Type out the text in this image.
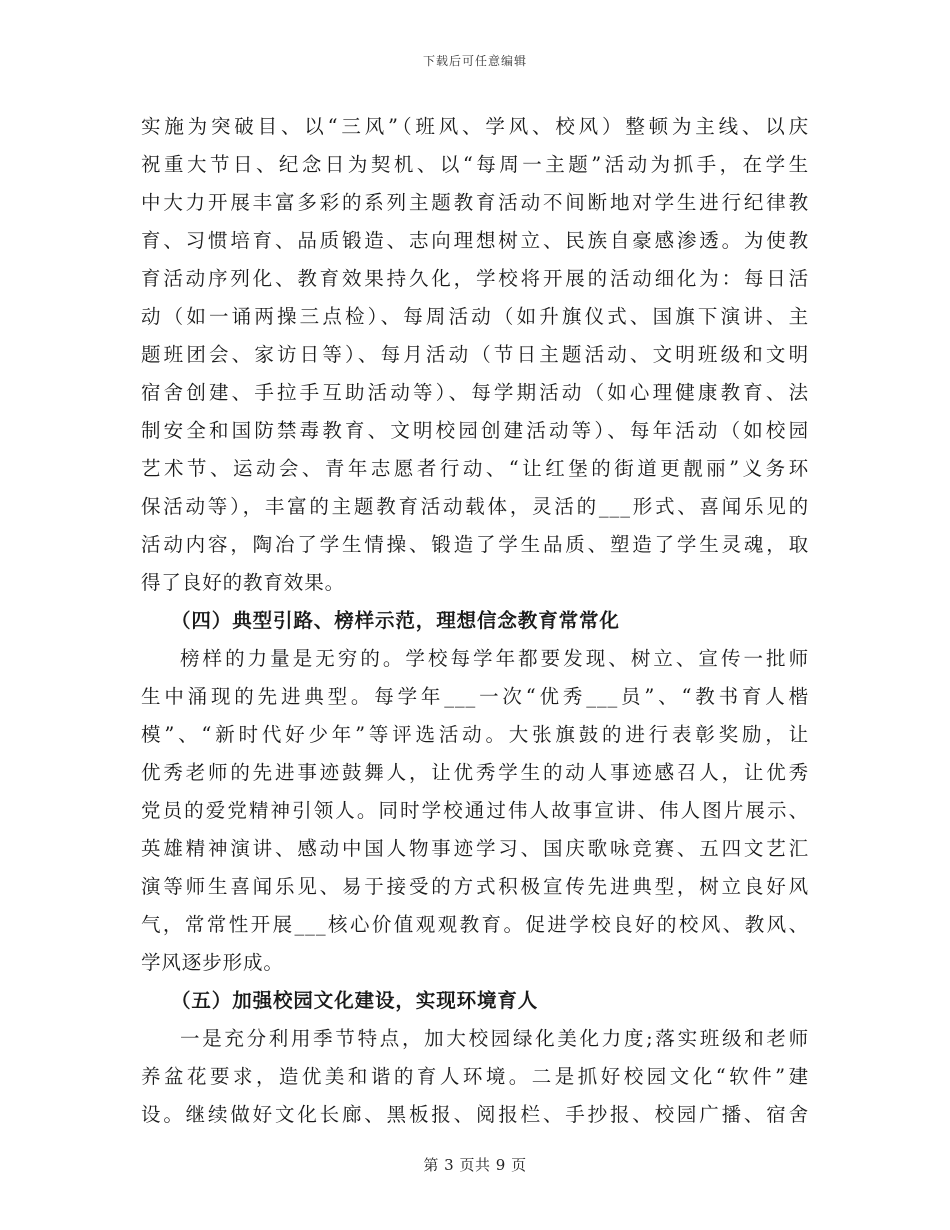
下载后可任意编辑
实施为突破目、以“三风”（班风、学风、校风）整顿为主线、以庆
祝重大节日、纪念日为契机、以“每周一主题”活动为抓手，在学生
中大力开展丰富多彩的系列主题教育活动不间断地对学生进行纪律教
育、习惯培育、品质锻造、志向理想树立、民族自豪感渗透。为使教
育活动序列化、教育效果持久化，学校将开展的活动细化为：每日活
动（如一诵两操三点检）、每周活动（如升旗仪式、国旗下演讲、主
题班团会、家访日等）、每月活动（节日主题活动、文明班级和文明
宿舍创建、手拉手互助活动等）、每学期活动（如心理健康教育、法
制安全和国防禁毒教育、文明校园创建活动等）、每年活动（如校园
艺术节、运动会、青年志愿者行动、“让红堡的街道更靓丽”义务环
保活动等），丰富的主题教育活动载体，灵活的___形式、喜闻乐见的
活动内容，陶冶了学生情操、锻造了学生品质、塑造了学生灵魂，取
得了良好的教育效果。
（四）典型引路、榜样示范，理想信念教育常常化
榜样的力量是无穷的。学校每学年都要发现、树立、宣传一批师
生中涌现的先进典型。每学年___一次“优秀___员”、“教书育人楷
模”、“新时代好少年”等评选活动。大张旗鼓的进行表彰奖励，让
优秀老师的先进事迹鼓舞人，让优秀学生的动人事迹感召人，让优秀
党员的爱党精神引领人。同时学校通过伟人故事宣讲、伟人图片展示、
英雄精神演讲、感动中国人物事迹学习、国庆歌咏竞赛、五四文艺汇
演等师生喜闻乐见、易于接受的方式积极宣传先进典型，树立良好风
气，常常性开展___核心价值观观教育。促进学校良好的校风、教风、
学风逐步形成。
（五）加强校园文化建设，实现环境育人
一是充分利用季节特点，加大校园绿化美化力度;落实班级和老师
养盆花要求，造优美和谐的育人环境。二是抓好校园文化“软件”建
设。继续做好文化长廊、黑板报、阅报栏、手抄报、校园广播、宿舍
第 3 页共 9 页
